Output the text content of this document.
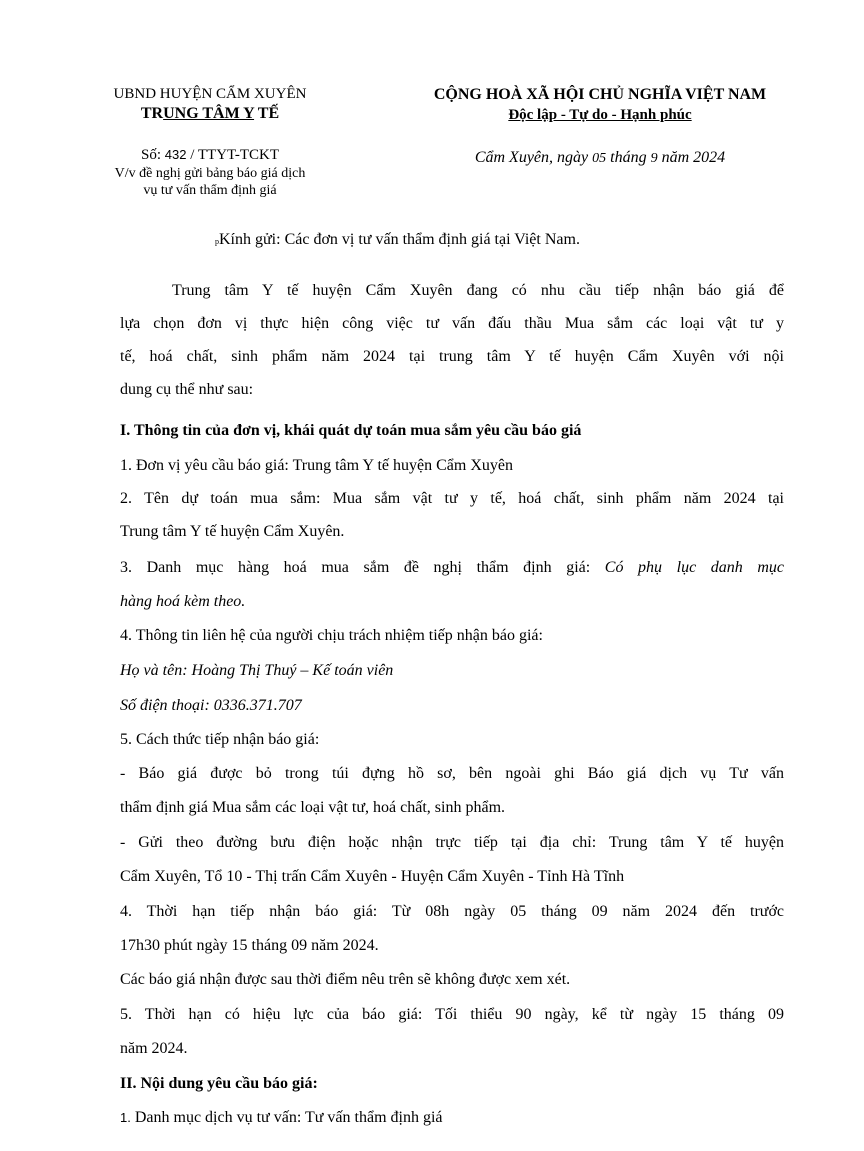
UBND HUYỆN CẨM XUYÊN
TRUNG TÂM Y TẾ
Số: 432 / TTYT-TCKT
V/v đề nghị gửi bảng báo giá dịch
vụ tư vấn thẩm định giá
CỘNG HOÀ XÃ HỘI CHỦ NGHĨA VIỆT NAM
Độc lập - Tự do - Hạnh phúc
Cẩm Xuyên, ngày 05 tháng 9 năm 2024
pKính gửi: Các đơn vị tư vấn thẩm định giá tại Việt Nam.
Trung tâm Y tế huyện Cẩm Xuyên đang có nhu cầu tiếp nhận báo giá để
lựa chọn đơn vị thực hiện công việc tư vấn đấu thầu Mua sắm các loại vật tư y
tế, hoá chất, sinh phẩm năm 2024 tại trung tâm Y tế huyện Cẩm Xuyên với nội
dung cụ thể như sau:
I. Thông tin của đơn vị, khái quát dự toán mua sắm yêu cầu báo giá
1. Đơn vị yêu cầu báo giá: Trung tâm Y tế huyện Cẩm Xuyên
2. Tên dự toán mua sắm: Mua sắm vật tư y tế, hoá chất, sinh phẩm năm 2024 tại
Trung tâm Y tế huyện Cẩm Xuyên.
3. Danh mục hàng hoá mua sắm đề nghị thẩm định giá: Có phụ lục danh mục
hàng hoá kèm theo.
4. Thông tin liên hệ của người chịu trách nhiệm tiếp nhận báo giá:
Họ và tên: Hoàng Thị Thuý – Kế toán viên
Số điện thoại: 0336.371.707
5. Cách thức tiếp nhận báo giá:
- Báo giá được bỏ trong túi đựng hồ sơ, bên ngoài ghi Báo giá dịch vụ Tư vấn
thẩm định giá Mua sắm các loại vật tư, hoá chất, sinh phẩm.
- Gửi theo đường bưu điện hoặc nhận trực tiếp tại địa chỉ: Trung tâm Y tế huyện
Cẩm Xuyên, Tổ 10 - Thị trấn Cẩm Xuyên - Huyện Cẩm Xuyên - Tỉnh Hà Tĩnh
4. Thời hạn tiếp nhận báo giá: Từ 08h ngày 05 tháng 09 năm 2024 đến trước
17h30 phút ngày 15 tháng 09 năm 2024.
Các báo giá nhận được sau thời điểm nêu trên sẽ không được xem xét.
5. Thời hạn có hiệu lực của báo giá: Tối thiểu 90 ngày, kể từ ngày 15 tháng 09
năm 2024.
II. Nội dung yêu cầu báo giá:
1. Danh mục dịch vụ tư vấn: Tư vấn thẩm định giá
